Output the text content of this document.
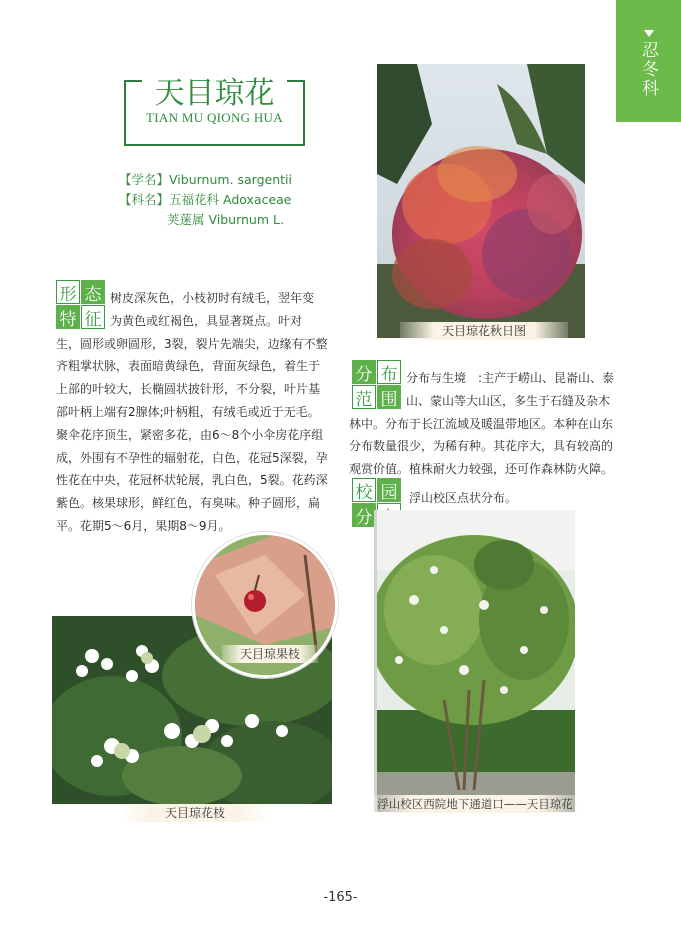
忍冬科
天目琼花
TIAN MU QIONG HUA
【学名】Viburnum. sargentii
【科名】五福花科 Adoxaceae
荚蒾属 Viburnum L.
形 态
特 征
树皮深灰色，小枝初时有绒毛，翌年变
为黄色或红褐色，具显著斑点。叶对
生，圆形或卵圆形，3裂，裂片先端尖，边缘有不整
齐粗掌状脉，表面暗黄绿色，背面灰绿色，着生于
上部的叶较大，长椭圆状披针形，不分裂，叶片基
部叶柄上端有2腺体;叶柄粗，有绒毛或近于无毛。
聚伞花序顶生，紧密多花，由6～8个小伞房花序组
成，外围有不孕性的辐射花，白色，花冠5深裂，孕
性花在中央，花冠杯状轮展，乳白色，5裂。花药深
紫色。核果球形，鲜红色，有臭味。种子圆形，扁
平。花期5～6月，果期8～9月。
天目琼花秋日图
分 布
范 围
分布与生境　:主产于崂山、昆嵛山、泰
山、蒙山等大山区，多生于石缝及杂木
林中。分布于长江流域及暖温带地区。本种在山东
分布数量很少，为稀有种。其花序大，具有较高的
观赏价值。植株耐火力较强，还可作森林防火障。
校 园
分
浮山校区点状分布。
浮山校区西院地下通道口——天目琼花
天目琼果枝
天目琼花枝
-165-
